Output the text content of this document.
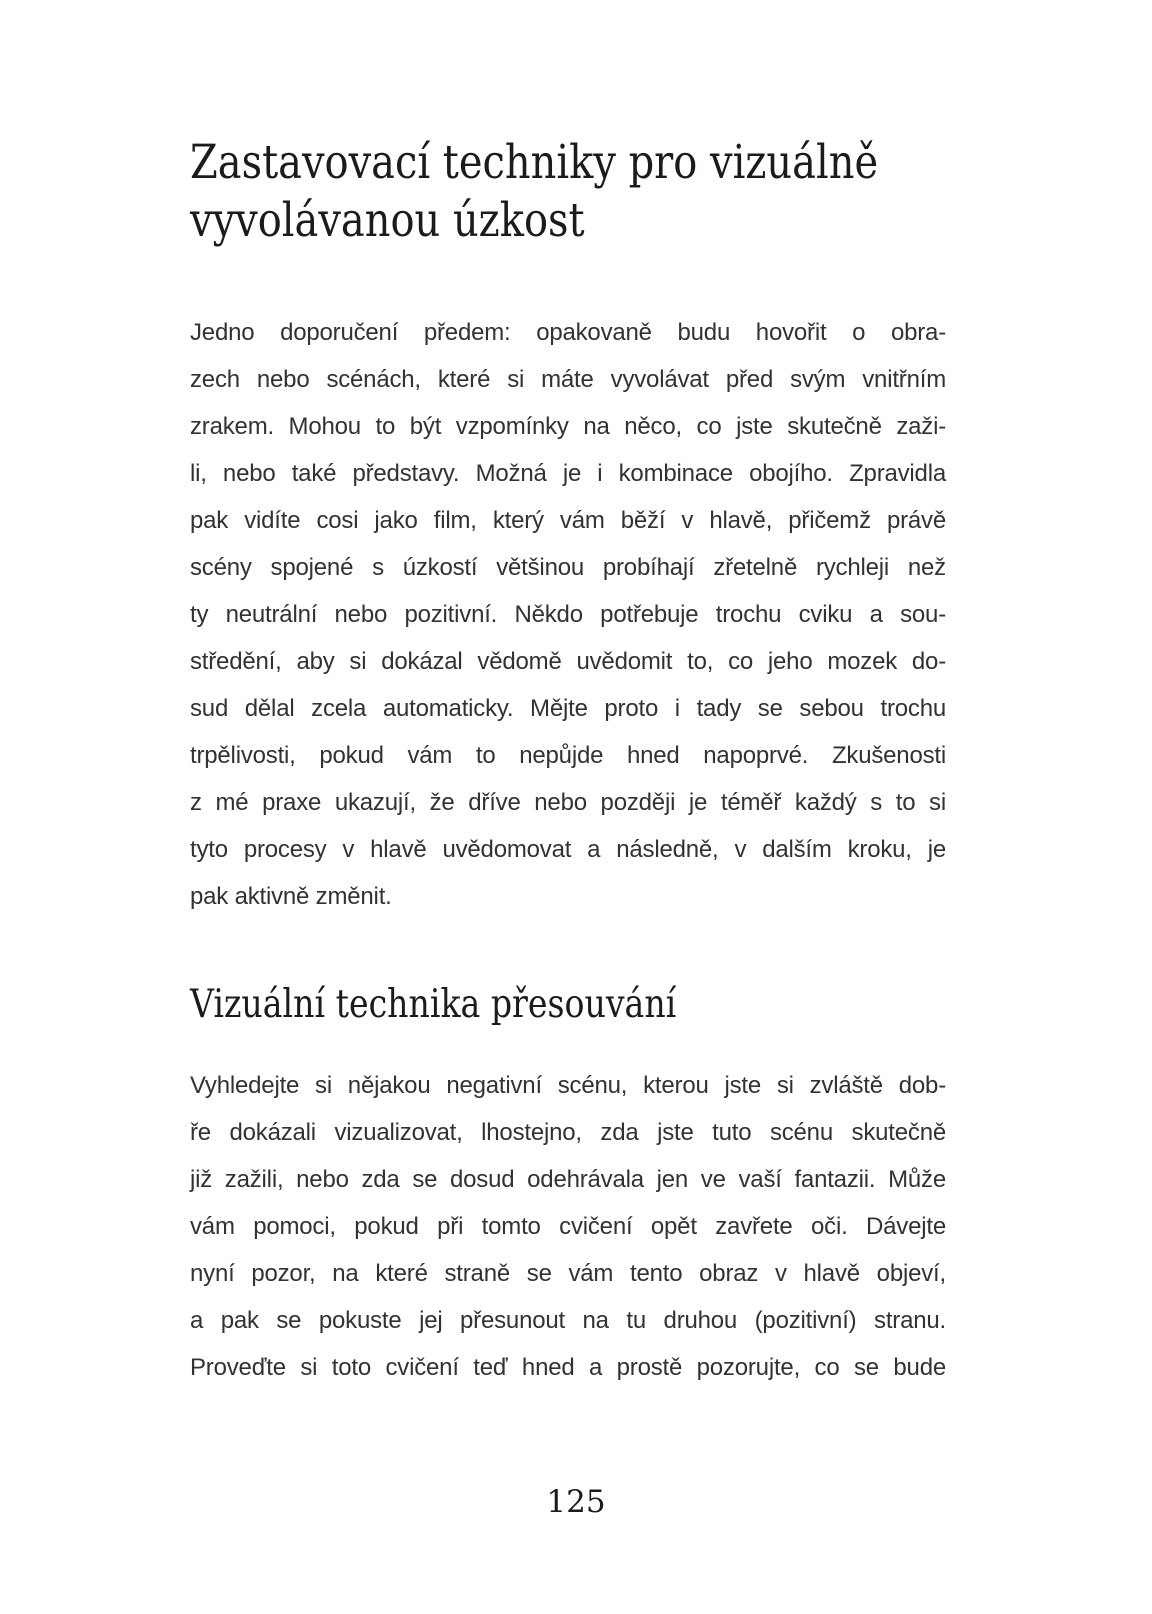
Zastavovací techniky pro vizuálně
vyvolávanou úzkost
Jedno doporučení předem: opakovaně budu hovořit o obra-
zech nebo scénách, které si máte vyvolávat před svým vnitřním
zrakem. Mohou to být vzpomínky na něco, co jste skutečně zaži-
li, nebo také představy. Možná je i kombinace obojího. Zpravidla
pak vidíte cosi jako film, který vám běží v hlavě, přičemž právě
scény spojené s úzkostí většinou probíhají zřetelně rychleji než
ty neutrální nebo pozitivní. Někdo potřebuje trochu cviku a sou-
středění, aby si dokázal vědomě uvědomit to, co jeho mozek do-
sud dělal zcela automaticky. Mějte proto i tady se sebou trochu
trpělivosti, pokud vám to nepůjde hned napoprvé. Zkušenosti
z mé praxe ukazují, že dříve nebo později je téměř každý s to si
tyto procesy v hlavě uvědomovat a následně, v dalším kroku, je
pak aktivně změnit.
Vizuální technika přesouvání
Vyhledejte si nějakou negativní scénu, kterou jste si zvláště dob-
ře dokázali vizualizovat, lhostejno, zda jste tuto scénu skutečně
již zažili, nebo zda se dosud odehrávala jen ve vaší fantazii. Může
vám pomoci, pokud při tomto cvičení opět zavřete oči. Dávejte
nyní pozor, na které straně se vám tento obraz v hlavě objeví,
a pak se pokuste jej přesunout na tu druhou (pozitivní) stranu.
Proveďte si toto cvičení teď hned a prostě pozorujte, co se bude
125
